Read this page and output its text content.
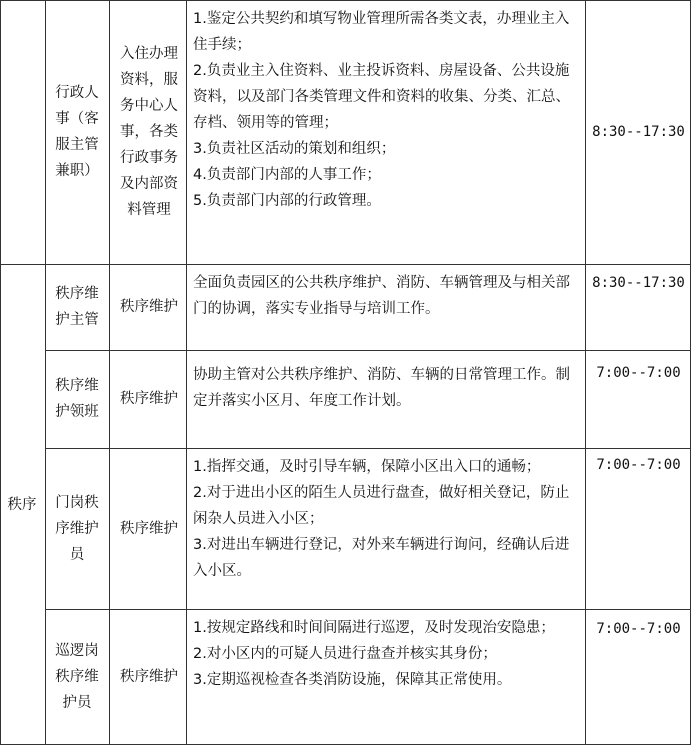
行政人事（客服主管兼职）
入住办理资料，服务中心人事，各类行政事务及内部资料管理

1.鉴定公共契约和填写物业管理所需各类文表，办理业主入住手续；

2.负责业主入住资料、业主投诉资料、房屋设备、公共设施资料，以及部门各类管理文件和资料的收集、分类、汇总、存档、领用等的管理；

3.负责社区活动的策划和组织；

4.负责部门内部的人事工作；

5.负责部门内部的行政管理。

8:30--17:30
秩序
秩序维护主管
秩序维护

全面负责园区的公共秩序维护、消防、车辆管理及与相关部门的协调，落实专业指导与培训工作。

8:30--17:30
秩序维护领班
秩序维护

协助主管对公共秩序维护、消防、车辆的日常管理工作。制定并落实小区月、年度工作计划。

7:00--7:00
门岗秩序维护员
秩序维护

1.指挥交通，及时引导车辆，保障小区出入口的通畅；

2.对于进出小区的陌生人员进行盘查，做好相关登记，防止闲杂人员进入小区；

3.对进出车辆进行登记，对外来车辆进行询问，经确认后进入小区。

7:00--7:00
巡逻岗秩序维护员
秩序维护

1.按规定路线和时间间隔进行巡逻，及时发现治安隐患；

2.对小区内的可疑人员进行盘查并核实其身份；

3.定期巡视检查各类消防设施，保障其正常使用。

7:00--7:00
